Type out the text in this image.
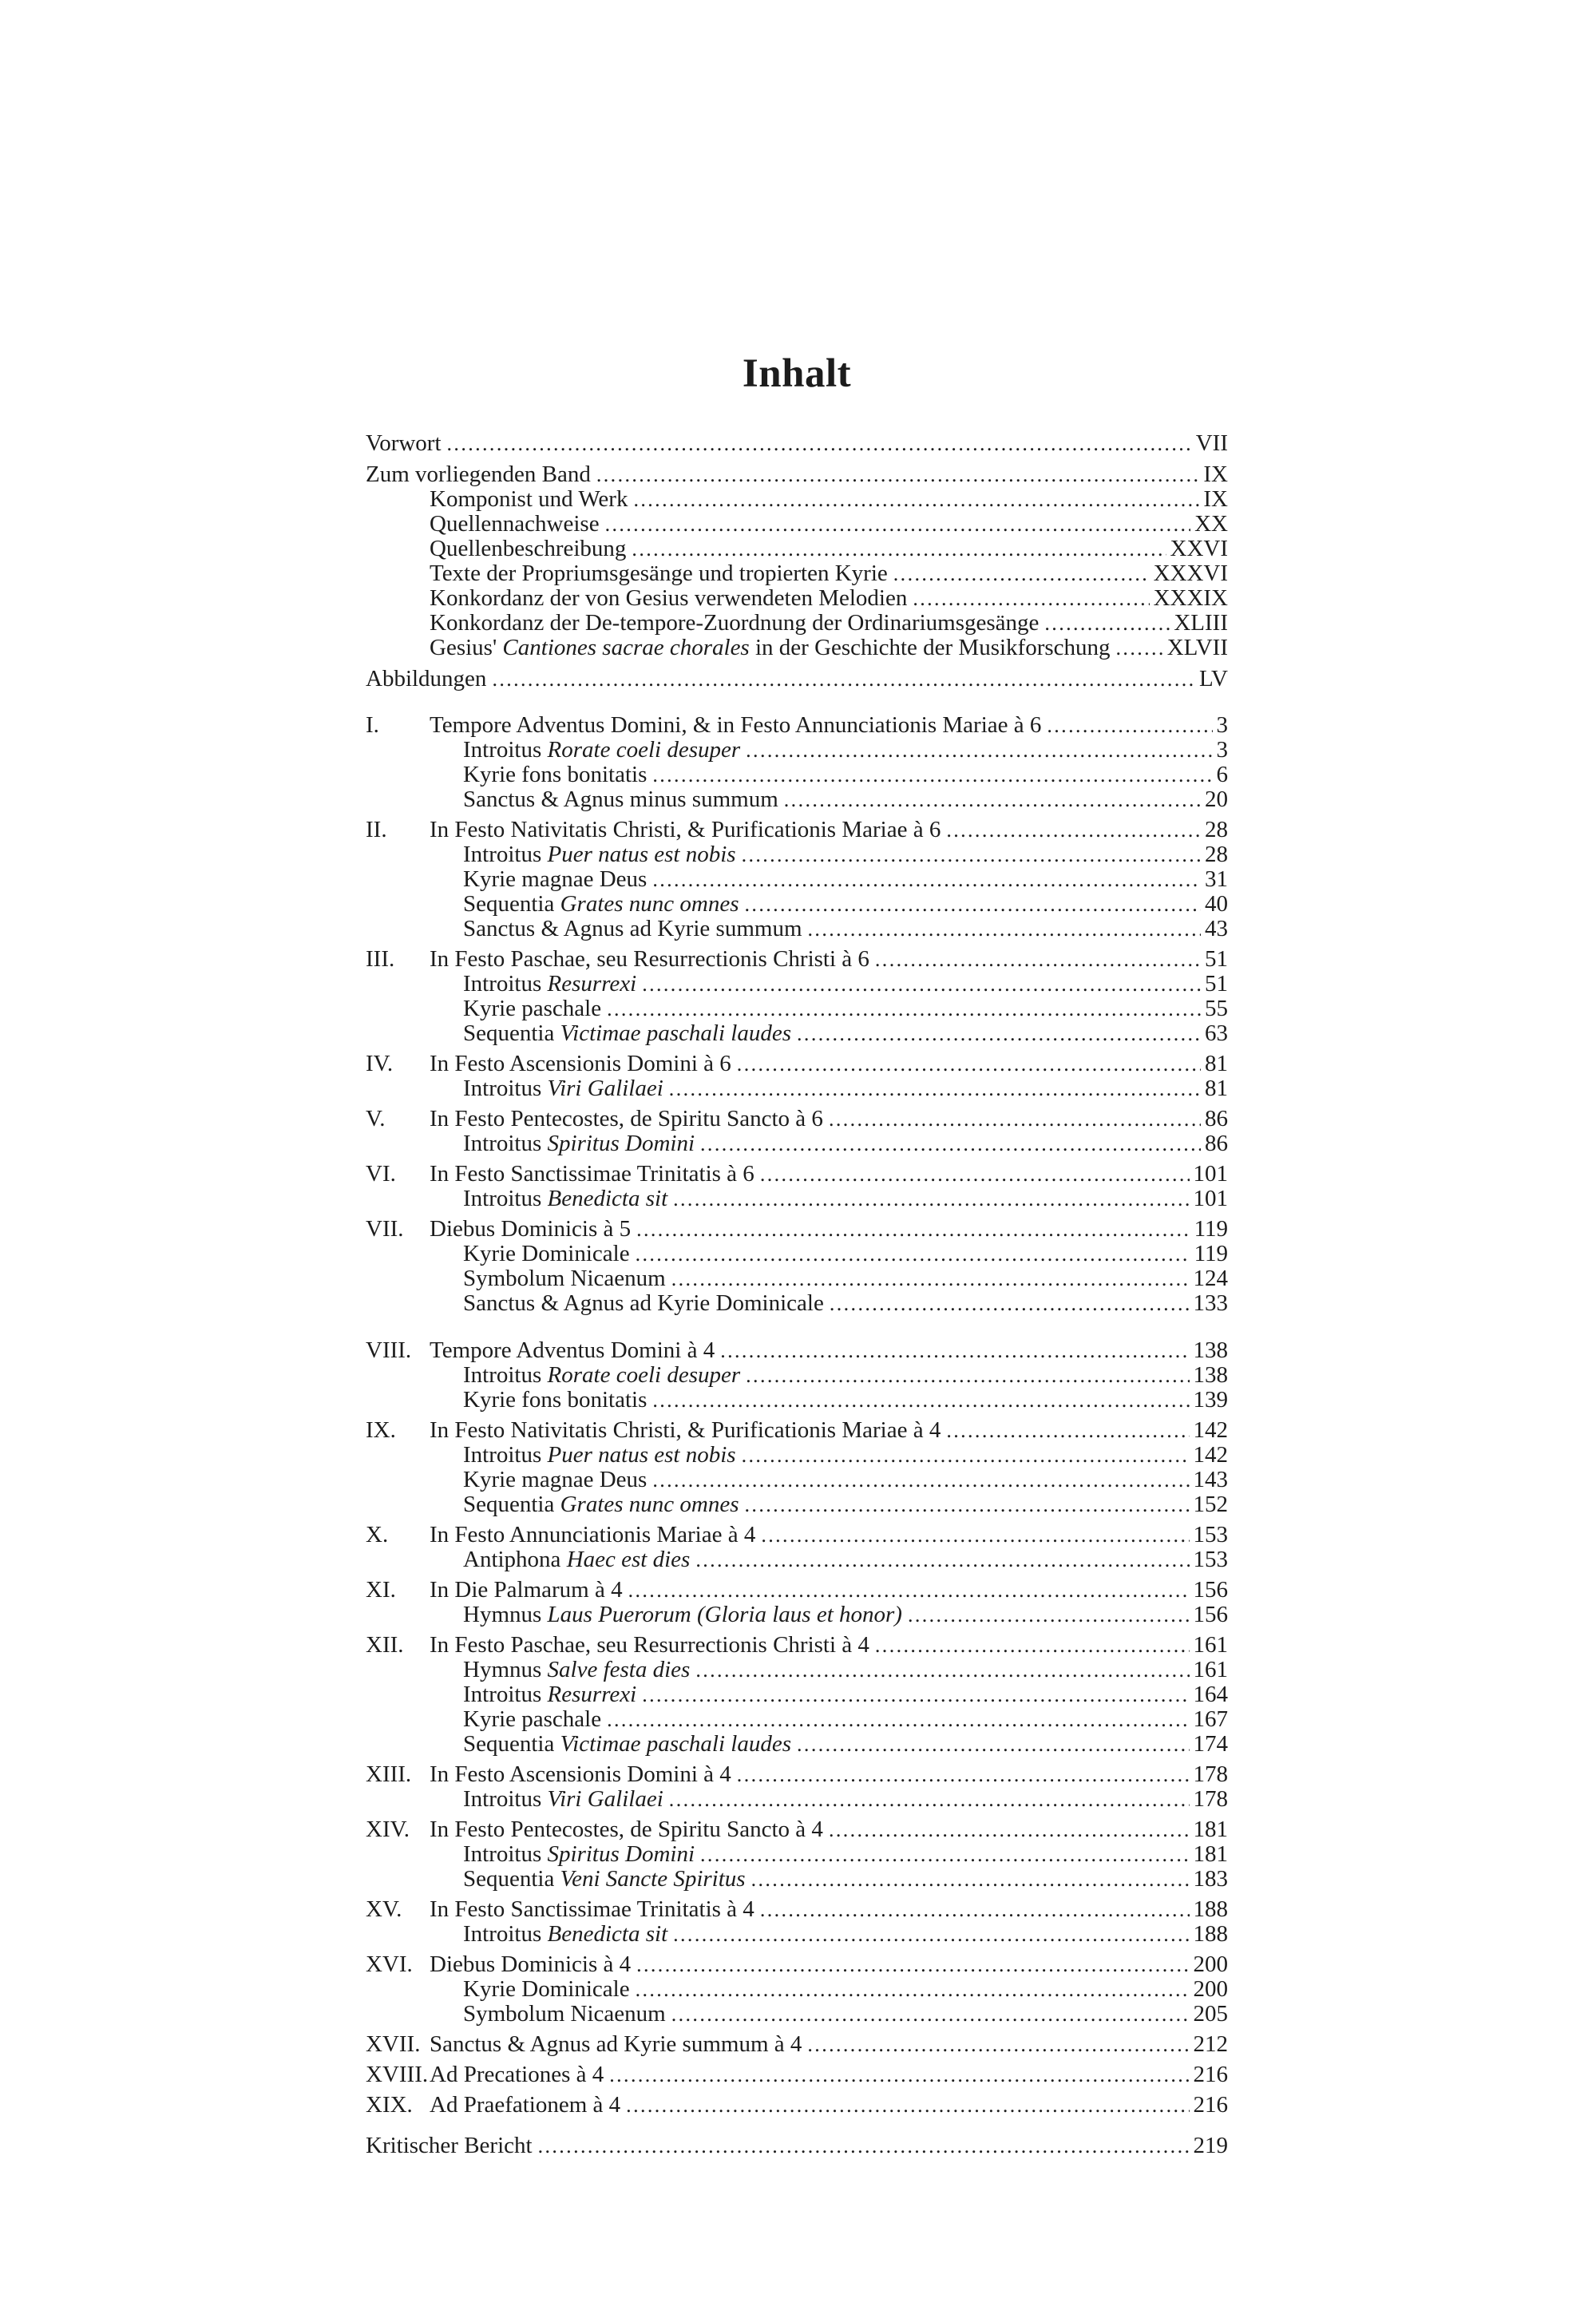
Inhalt
Vorwort .....	VII
Zum vorliegenden Band .....	IX
Komponist und Werk .....	IX
Quellennachweise .....	XX
Quellenbeschreibung .....	XXVI
Texte der Propriumsgesänge und tropierten Kyrie .....	XXXVI
Konkordanz der von Gesius verwendeten Melodien .....	XXXIX
Konkordanz der De-tempore-Zuordnung der Ordinariumsgesänge .....	XLIII
Gesius' Cantiones sacrae chorales in der Geschichte der Musikforschung ..... XLVII
Abbildungen .....	LV
I.	Tempore Adventus Domini, & in Festo Annunciationis Mariae à 6 .....	3
Introitus Rorate coeli desuper .....	3
Kyrie fons bonitatis .....	6
Sanctus & Agnus minus summum .....	20
II.	In Festo Nativitatis Christi, & Purificationis Mariae à 6 .....	28
Introitus Puer natus est nobis .....	28
Kyrie magnae Deus .....	31
Sequentia Grates nunc omnes .....	40
Sanctus & Agnus ad Kyrie summum .....	43
III.	In Festo Paschae, seu Resurrectionis Christi à 6 .....	51
Introitus Resurrexi .....	51
Kyrie paschale .....	55
Sequentia Victimae paschali laudes .....	63
IV.	In Festo Ascensionis Domini à 6 .....	81
Introitus Viri Galilaei .....	81
V.	In Festo Pentecostes, de Spiritu Sancto à 6 .....	86
Introitus Spiritus Domini .....	86
VI.	In Festo Sanctissimae Trinitatis à 6 .....	101
Introitus Benedicta sit .....	101
VII.	Diebus Dominicis à 5 .....	119
Kyrie Dominicale .....	119
Symbolum Nicaenum .....	124
Sanctus & Agnus ad Kyrie Dominicale .....	133
VIII. Tempore Adventus Domini à 4 .....	138
Introitus Rorate coeli desuper .....	138
Kyrie fons bonitatis .....	139
IX.	In Festo Nativitatis Christi, & Purificationis Mariae à 4 .....	142
Introitus Puer natus est nobis .....	142
Kyrie magnae Deus .....	143
Sequentia Grates nunc omnes .....	152
X.	In Festo Annunciationis Mariae à 4 .....	153
Antiphona Haec est dies .....	153
XI.	In Die Palmarum à 4 .....	156
Hymnus Laus Puerorum (Gloria laus et honor) .....	156
XII.	In Festo Paschae, seu Resurrectionis Christi à 4 .....	161
Hymnus Salve festa dies .....	161
Introitus Resurrexi .....	164
Kyrie paschale .....	167
Sequentia Victimae paschali laudes .....	174
XIII. In Festo Ascensionis Domini à 4 .....	178
Introitus Viri Galilaei .....	178
XIV. In Festo Pentecostes, de Spiritu Sancto à 4 .....	181
Introitus Spiritus Domini .....	181
Sequentia Veni Sancte Spiritus .....	183
XV.	In Festo Sanctissimae Trinitatis à 4 .....	188
Introitus Benedicta sit .....	188
XVI. Diebus Dominicis à 4 .....	200
Kyrie Dominicale .....	200
Symbolum Nicaenum .....	205
XVII. Sanctus & Agnus ad Kyrie summum à 4 .....	212
XVIII. Ad Precationes à 4 .....	216
XIX. Ad Praefationem à 4 .....	216
Kritischer Bericht .....	219
